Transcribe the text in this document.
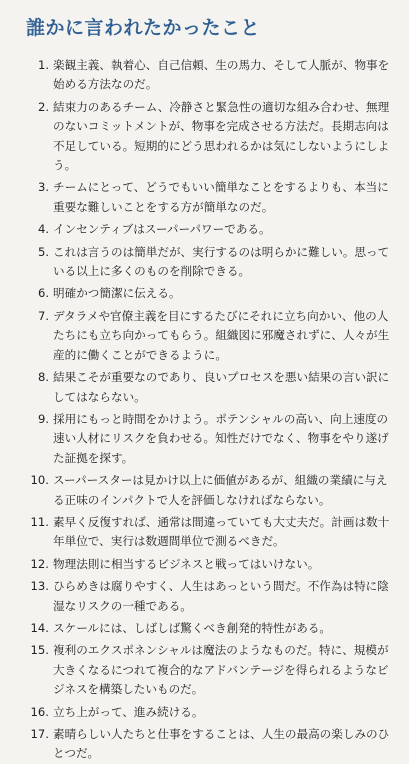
誰かに言われたかったこと
1. 楽観主義、執着心、自己信頼、生の馬力、そして人脈が、物事を始める方法なのだ。
2. 結束力のあるチーム、冷静さと緊急性の適切な組み合わせ、無理のないコミットメントが、物事を完成させる方法だ。長期志向は不足している。短期的にどう思われるかは気にしないようにしよう。
3. チームにとって、どうでもいい簡単なことをするよりも、本当に重要な難しいことをする方が簡単なのだ。
4. インセンティブはスーパーパワーである。
5. これは言うのは簡単だが、実行するのは明らかに難しい。思っている以上に多くのものを削除できる。
6. 明確かつ簡潔に伝える。
7. デタラメや官僚主義を目にするたびにそれに立ち向かい、他の人たちにも立ち向かってもらう。組織図に邪魔されずに、人々が生産的に働くことができるように。
8. 結果こそが重要なのであり、良いプロセスを悪い結果の言い訳にしてはならない。
9. 採用にもっと時間をかけよう。ポテンシャルの高い、向上速度の速い人材にリスクを負わせる。知性だけでなく、物事をやり遂げた証拠を探す。
10. スーパースターは見かけ以上に価値があるが、組織の業績に与える正味のインパクトで人を評価しなければならない。
11. 素早く反復すれば、通常は間違っていても大丈夫だ。計画は数十年単位で、実行は数週間単位で測るべきだ。
12. 物理法則に相当するビジネスと戦ってはいけない。
13. ひらめきは腐りやすく、人生はあっという間だ。不作為は特に陰湿なリスクの一種である。
14. スケールには、しばしば驚くべき創発的特性がある。
15. 複利のエクスポネンシャルは魔法のようなものだ。特に、規模が大きくなるにつれて複合的なアドバンテージを得られるようなビジネスを構築したいものだ。
16. 立ち上がって、進み続ける。
17. 素晴らしい人たちと仕事をすることは、人生の最高の楽しみのひとつだ。
